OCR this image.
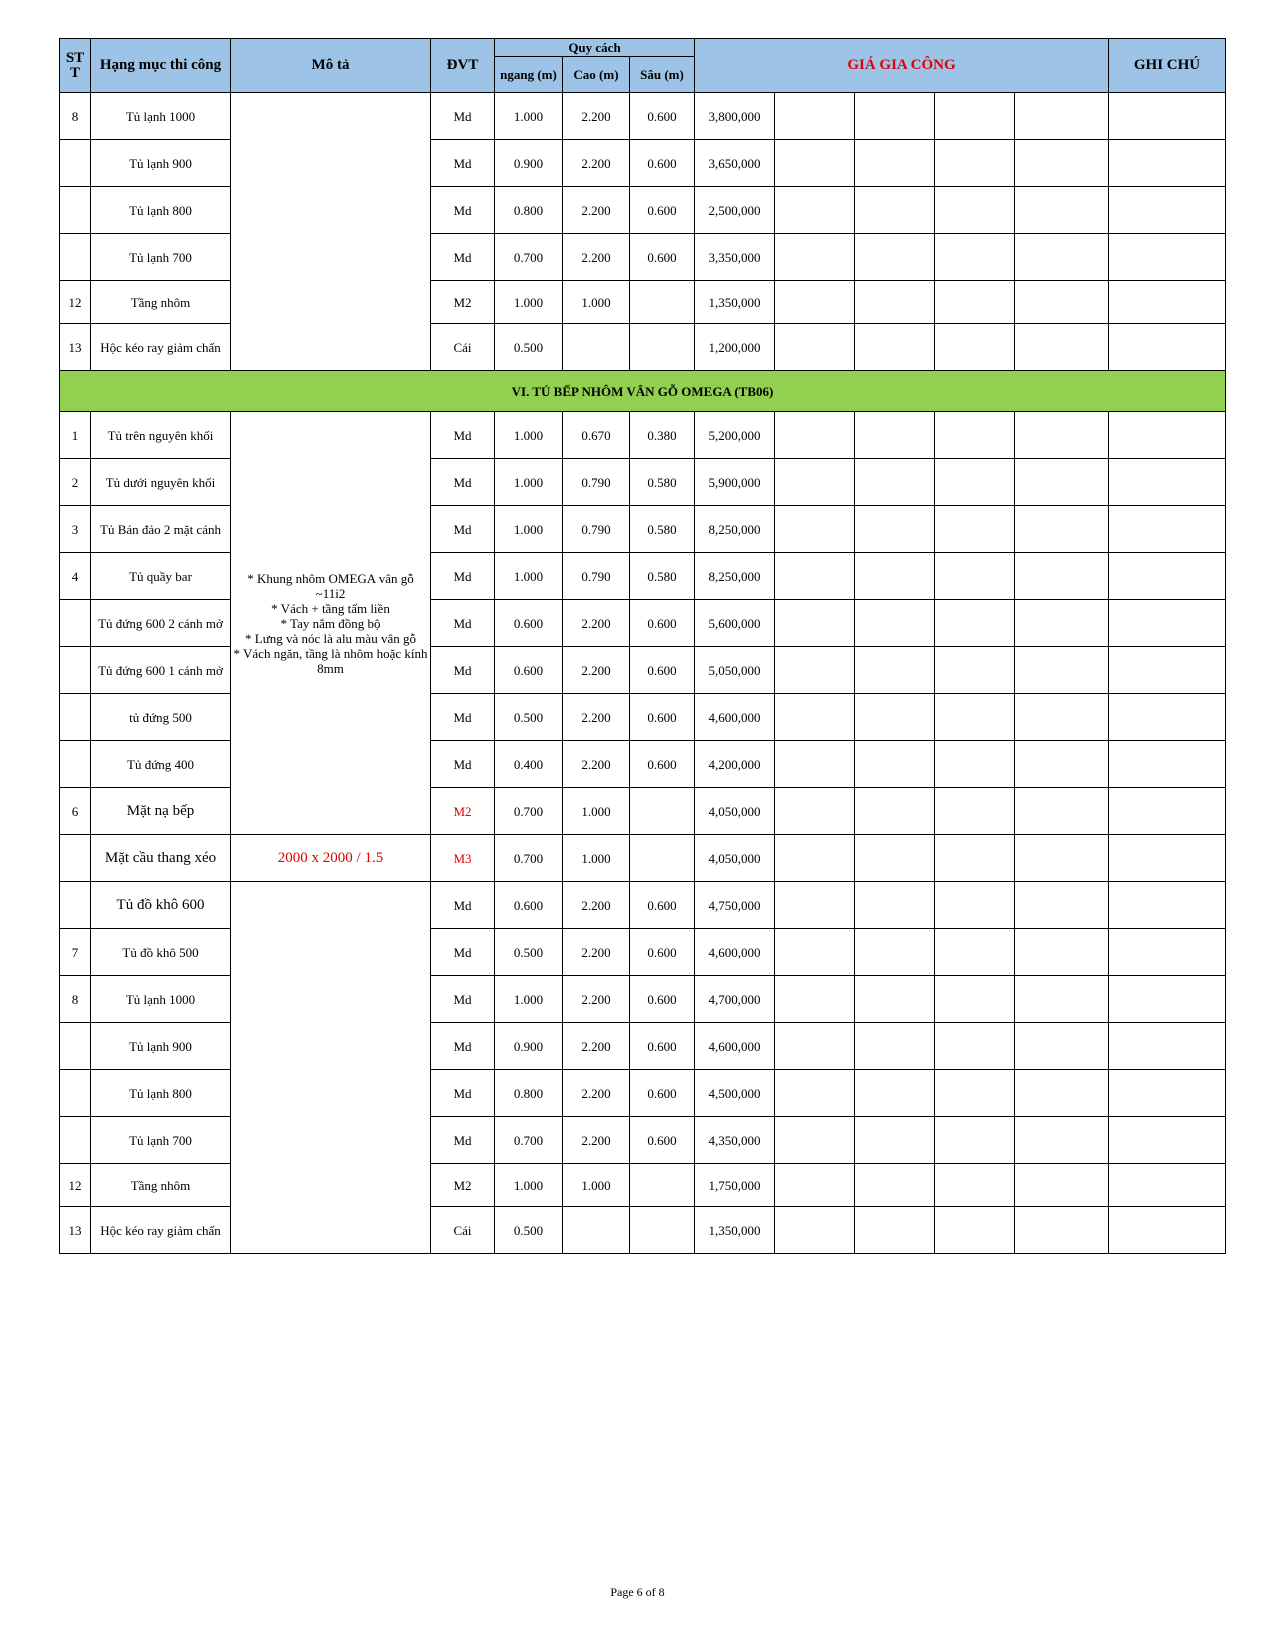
ST T	Hạng mục thi công	Mô tả	ĐVT	Quy cách			GIÁ GIA CÔNG					GHI CHÚ
				ngang (m)	Cao (m)	Sâu (m)						
8	Tủ lạnh 1000		Md	1.000	2.200	0.600	3,800,000					
	Tủ lạnh 900		Md	0.900	2.200	0.600	3,650,000					
	Tủ lạnh 800		Md	0.800	2.200	0.600	2,500,000					
	Tủ lạnh 700		Md	0.700	2.200	0.600	3,350,000					
12	Tầng nhôm		M2	1.000	1.000		1,350,000					
13	Hộc kéo ray giảm chấn		Cái	0.500			1,200,000					
VI. TỦ BẾP NHÔM VÂN GỖ OMEGA (TB06)												
1	Tủ trên nguyên khối	* Khung nhôm OMEGA vân gỗ ~11i2
* Vách + tầng tấm liền
* Tay nắm đồng bộ
* Lưng và nóc là alu màu vân gỗ
* Vách ngăn, tầng là nhôm hoặc kính 8mm	Md	1.000	0.670	0.380	5,200,000					
2	Tủ dưới nguyên khối		Md	1.000	0.790	0.580	5,900,000					
3	Tủ Bán đảo 2 mặt cánh		Md	1.000	0.790	0.580	8,250,000					
4	Tủ quầy bar		Md	1.000	0.790	0.580	8,250,000					
	Tủ đứng 600 2 cánh mở		Md	0.600	2.200	0.600	5,600,000					
	Tủ đứng 600 1 cánh mở		Md	0.600	2.200	0.600	5,050,000					
	tủ đứng 500		Md	0.500	2.200	0.600	4,600,000					
	Tủ đứng 400		Md	0.400	2.200	0.600	4,200,000					
6	Mặt nạ bếp		M2	0.700	1.000		4,050,000					
	Mặt cầu thang xéo	2000 x 2000 / 1.5	M3	0.700	1.000		4,050,000					
	Tủ đồ khô 600		Md	0.600	2.200	0.600	4,750,000					
7	Tủ đồ khô 500		Md	0.500	2.200	0.600	4,600,000					
8	Tủ lạnh 1000		Md	1.000	2.200	0.600	4,700,000					
	Tủ lạnh 900		Md	0.900	2.200	0.600	4,600,000					
	Tủ lạnh 800		Md	0.800	2.200	0.600	4,500,000					
	Tủ lạnh 700		Md	0.700	2.200	0.600	4,350,000					
12	Tầng nhôm		M2	1.000	1.000		1,750,000					
13	Hộc kéo ray giảm chấn		Cái	0.500			1,350,000					
Page 6 of 8
